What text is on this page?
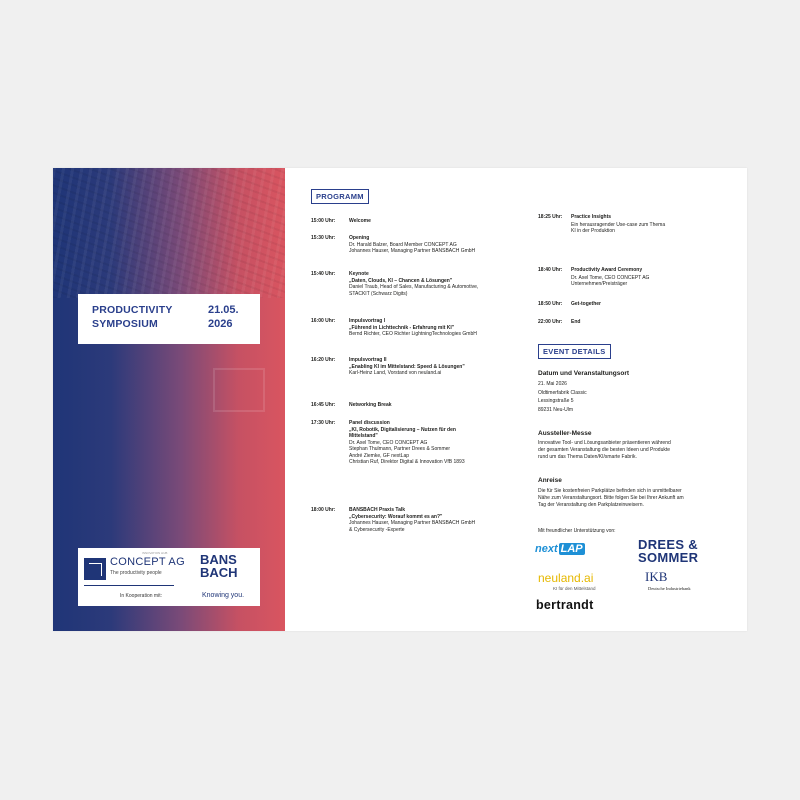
PRODUCTIVITY
SYMPOSIUM
21.05.
2026
INNOVATION HUB
CONCEPT AG
The productivity people
In Kooperation mit:
BANS
BACH
Knowing you.
PROGRAMM
15:00 Uhr:	Welcome
15:30 Uhr:	Opening
Dr. Harald Balzer, Board Member CONCEPT AG
Johannes Hauser, Managing Partner BANSBACH GmbH
15:40 Uhr:	Keynote
„Daten, Clouds, KI – Chancen & Lösungen"
Daniel Traub, Head of Sales, Manufacturing & Automotive,
STACKIT (Schwarz Digits)
16:00 Uhr:	Impulsvortrag I
„Führend in Lichttechnik - Erfahrung mit KI"
Bernd Richter, CEO Richter LightningTechnologies GmbH
16:20 Uhr:	Impulsvortrag II
„Enabling KI im Mittelstand: Speed & Lösungen"
Karl-Heinz Land, Vorstand von neuland.ai
16:45 Uhr:	Networking Break
17:30 Uhr:	Panel discussion
„KI, Robotik, Digitalisierung – Nutzen für den
Mittelstand"
Dr. Axel Tome, CEO CONCEPT AG
Stephan Thulmann, Partner Drees & Sommer
André Ziemke, GF nextLap
Christian Ruf, Direktor Digital & Innovation VfB 1893
18:00 Uhr:	BANSBACH Praxis Talk
„Cybersecurity: Worauf kommt es an?"
Johannes Hauser, Managing Partner BANSBACH GmbH
& Cybersecurity -Experte
18:25 Uhr: Practice Insights
Ein herausragender Use-case zum Thema
KI in der Produktion
18:40 Uhr: Productivity Award Ceremony
Dr. Axel Tome, CEO CONCEPT AG
Unternehmen/Preisträger
18:50 Uhr: Get-together
22:00 Uhr: End
EVENT DETAILS
Datum und Veranstaltungsort
21. Mai 2026
Oldtimerfabrik Classic
Lessingstraße 5
89231 Neu-Ulm
Aussteller-Messe
Innovative Tool- und Lösungsanbieter präsentieren während
der gesamten Veranstaltung die besten Ideen und Produkte
rund um das Thema Daten/KI/smarte Fabrik.
Anreise
Die für Sie kostenfreien Parkplätze befinden sich in unmittelbarer
Nähe zum Veranstaltungsort. Bitte folgen Sie bei Ihrer Ankunft am
Tag der Veranstaltung den Parkplatzeinweisern.
Mit freundlicher Unterstützung von:
next LAP	DREES &
SOMMER
neuland.ai
KI für den Mittelstand
IKB
Deutsche Industriebank
bertrandt
